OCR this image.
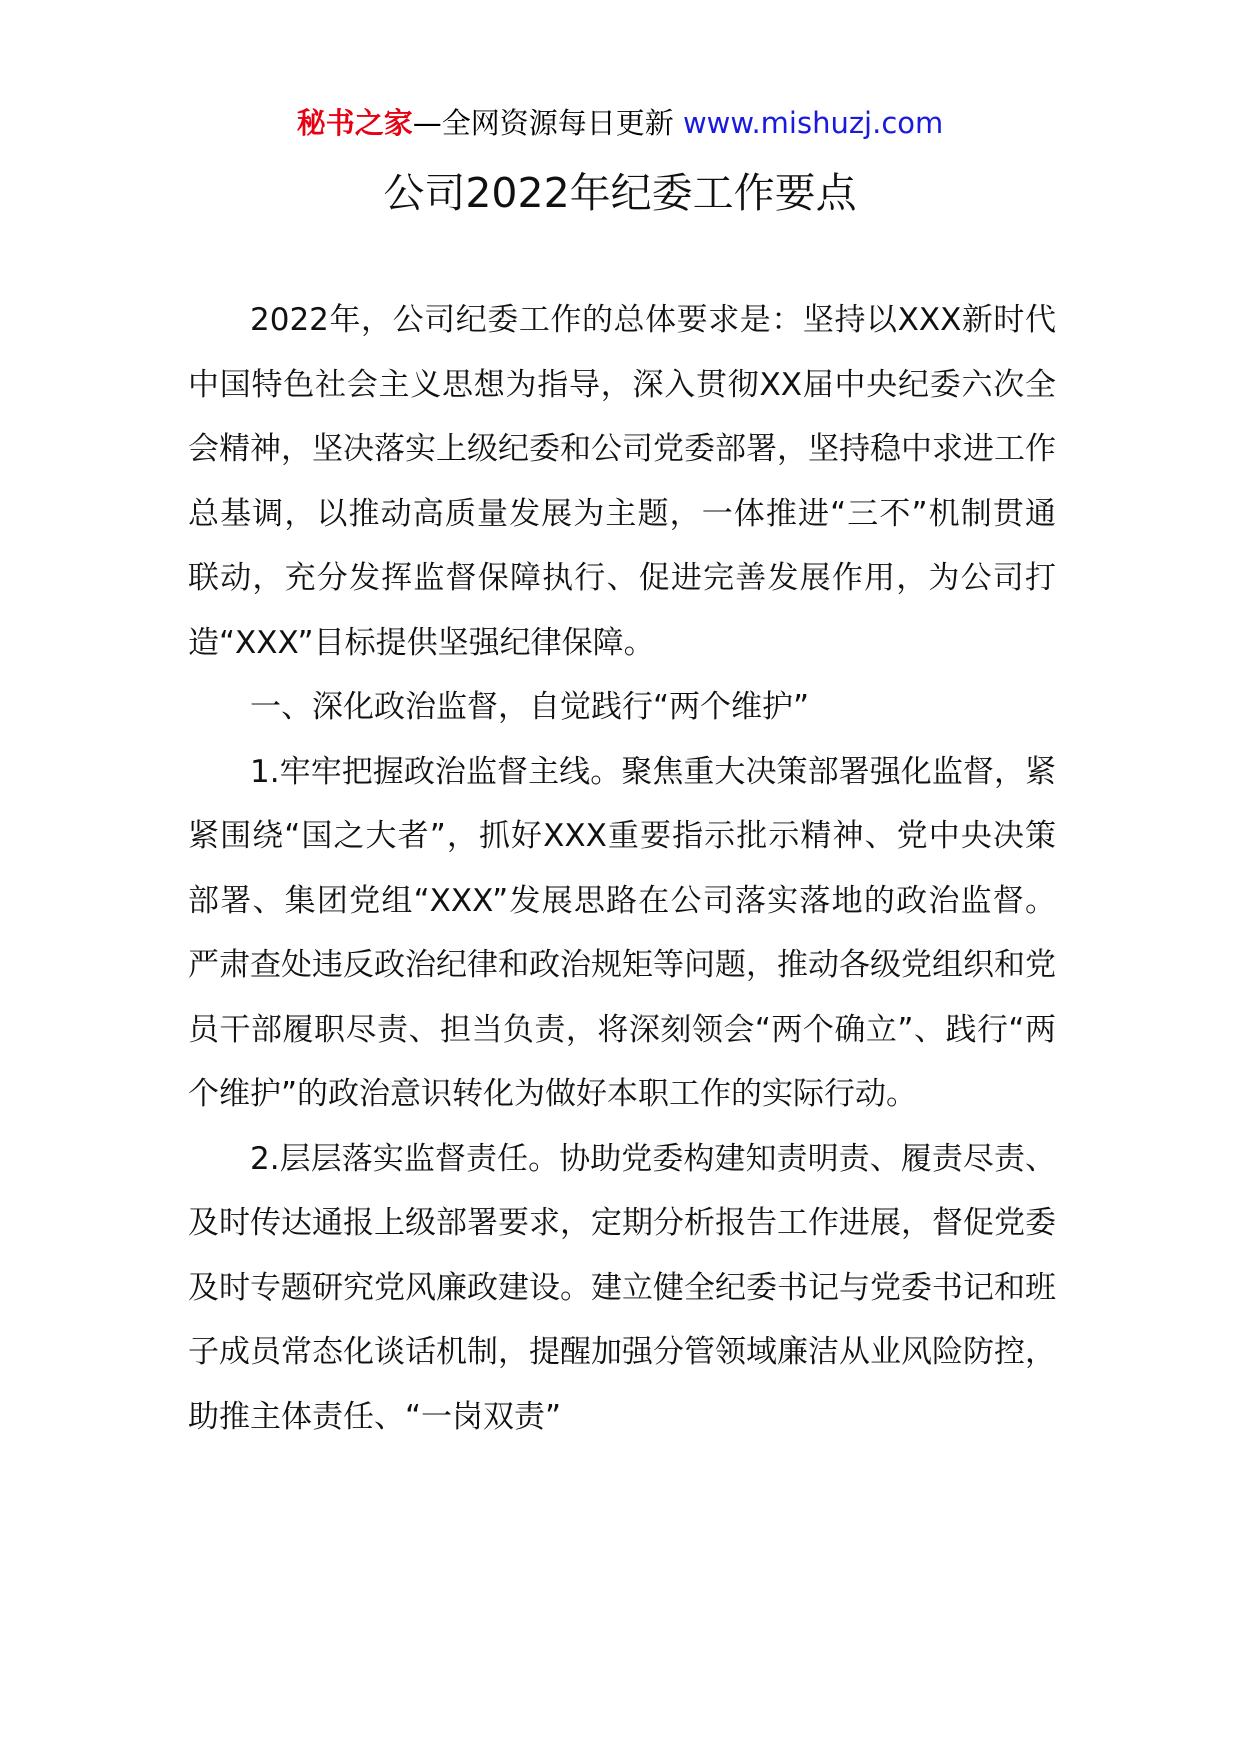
秘书之家—全网资源每日更新 www.mishuzj.com
公司2022年纪委工作要点

2022年，公司纪委工作的总体要求是：坚持以XXX新时代中国特色社会主义思想为指导，深入贯彻XX届中央纪委六次全会精神，坚决落实上级纪委和公司党委部署，坚持稳中求进工作总基调，以推动高质量发展为主题，一体推进“三不”机制贯通联动，充分发挥监督保障执行、促进完善发展作用，为公司打造“XXX”目标提供坚强纪律保障。

一、深化政治监督，自觉践行“两个维护”

1.牢牢把握政治监督主线。聚焦重大决策部署强化监督，紧紧围绕“国之大者”，抓好XXX重要指示批示精神、党中央决策部署、集团党组“XXX”发展思路在公司落实落地的政治监督。严肃查处违反政治纪律和政治规矩等问题，推动各级党组织和党员干部履职尽责、担当负责，将深刻领会“两个确立”、践行“两个维护”的政治意识转化为做好本职工作的实际行动。

2.层层落实监督责任。协助党委构建知责明责、履责尽责、及时传达通报上级部署要求，定期分析报告工作进展，督促党委及时专题研究党风廉政建设。建立健全纪委书记与党委书记和班子成员常态化谈话机制，提醒加强分管领域廉洁从业风险防控，助推主体责任、“一岗双责”
